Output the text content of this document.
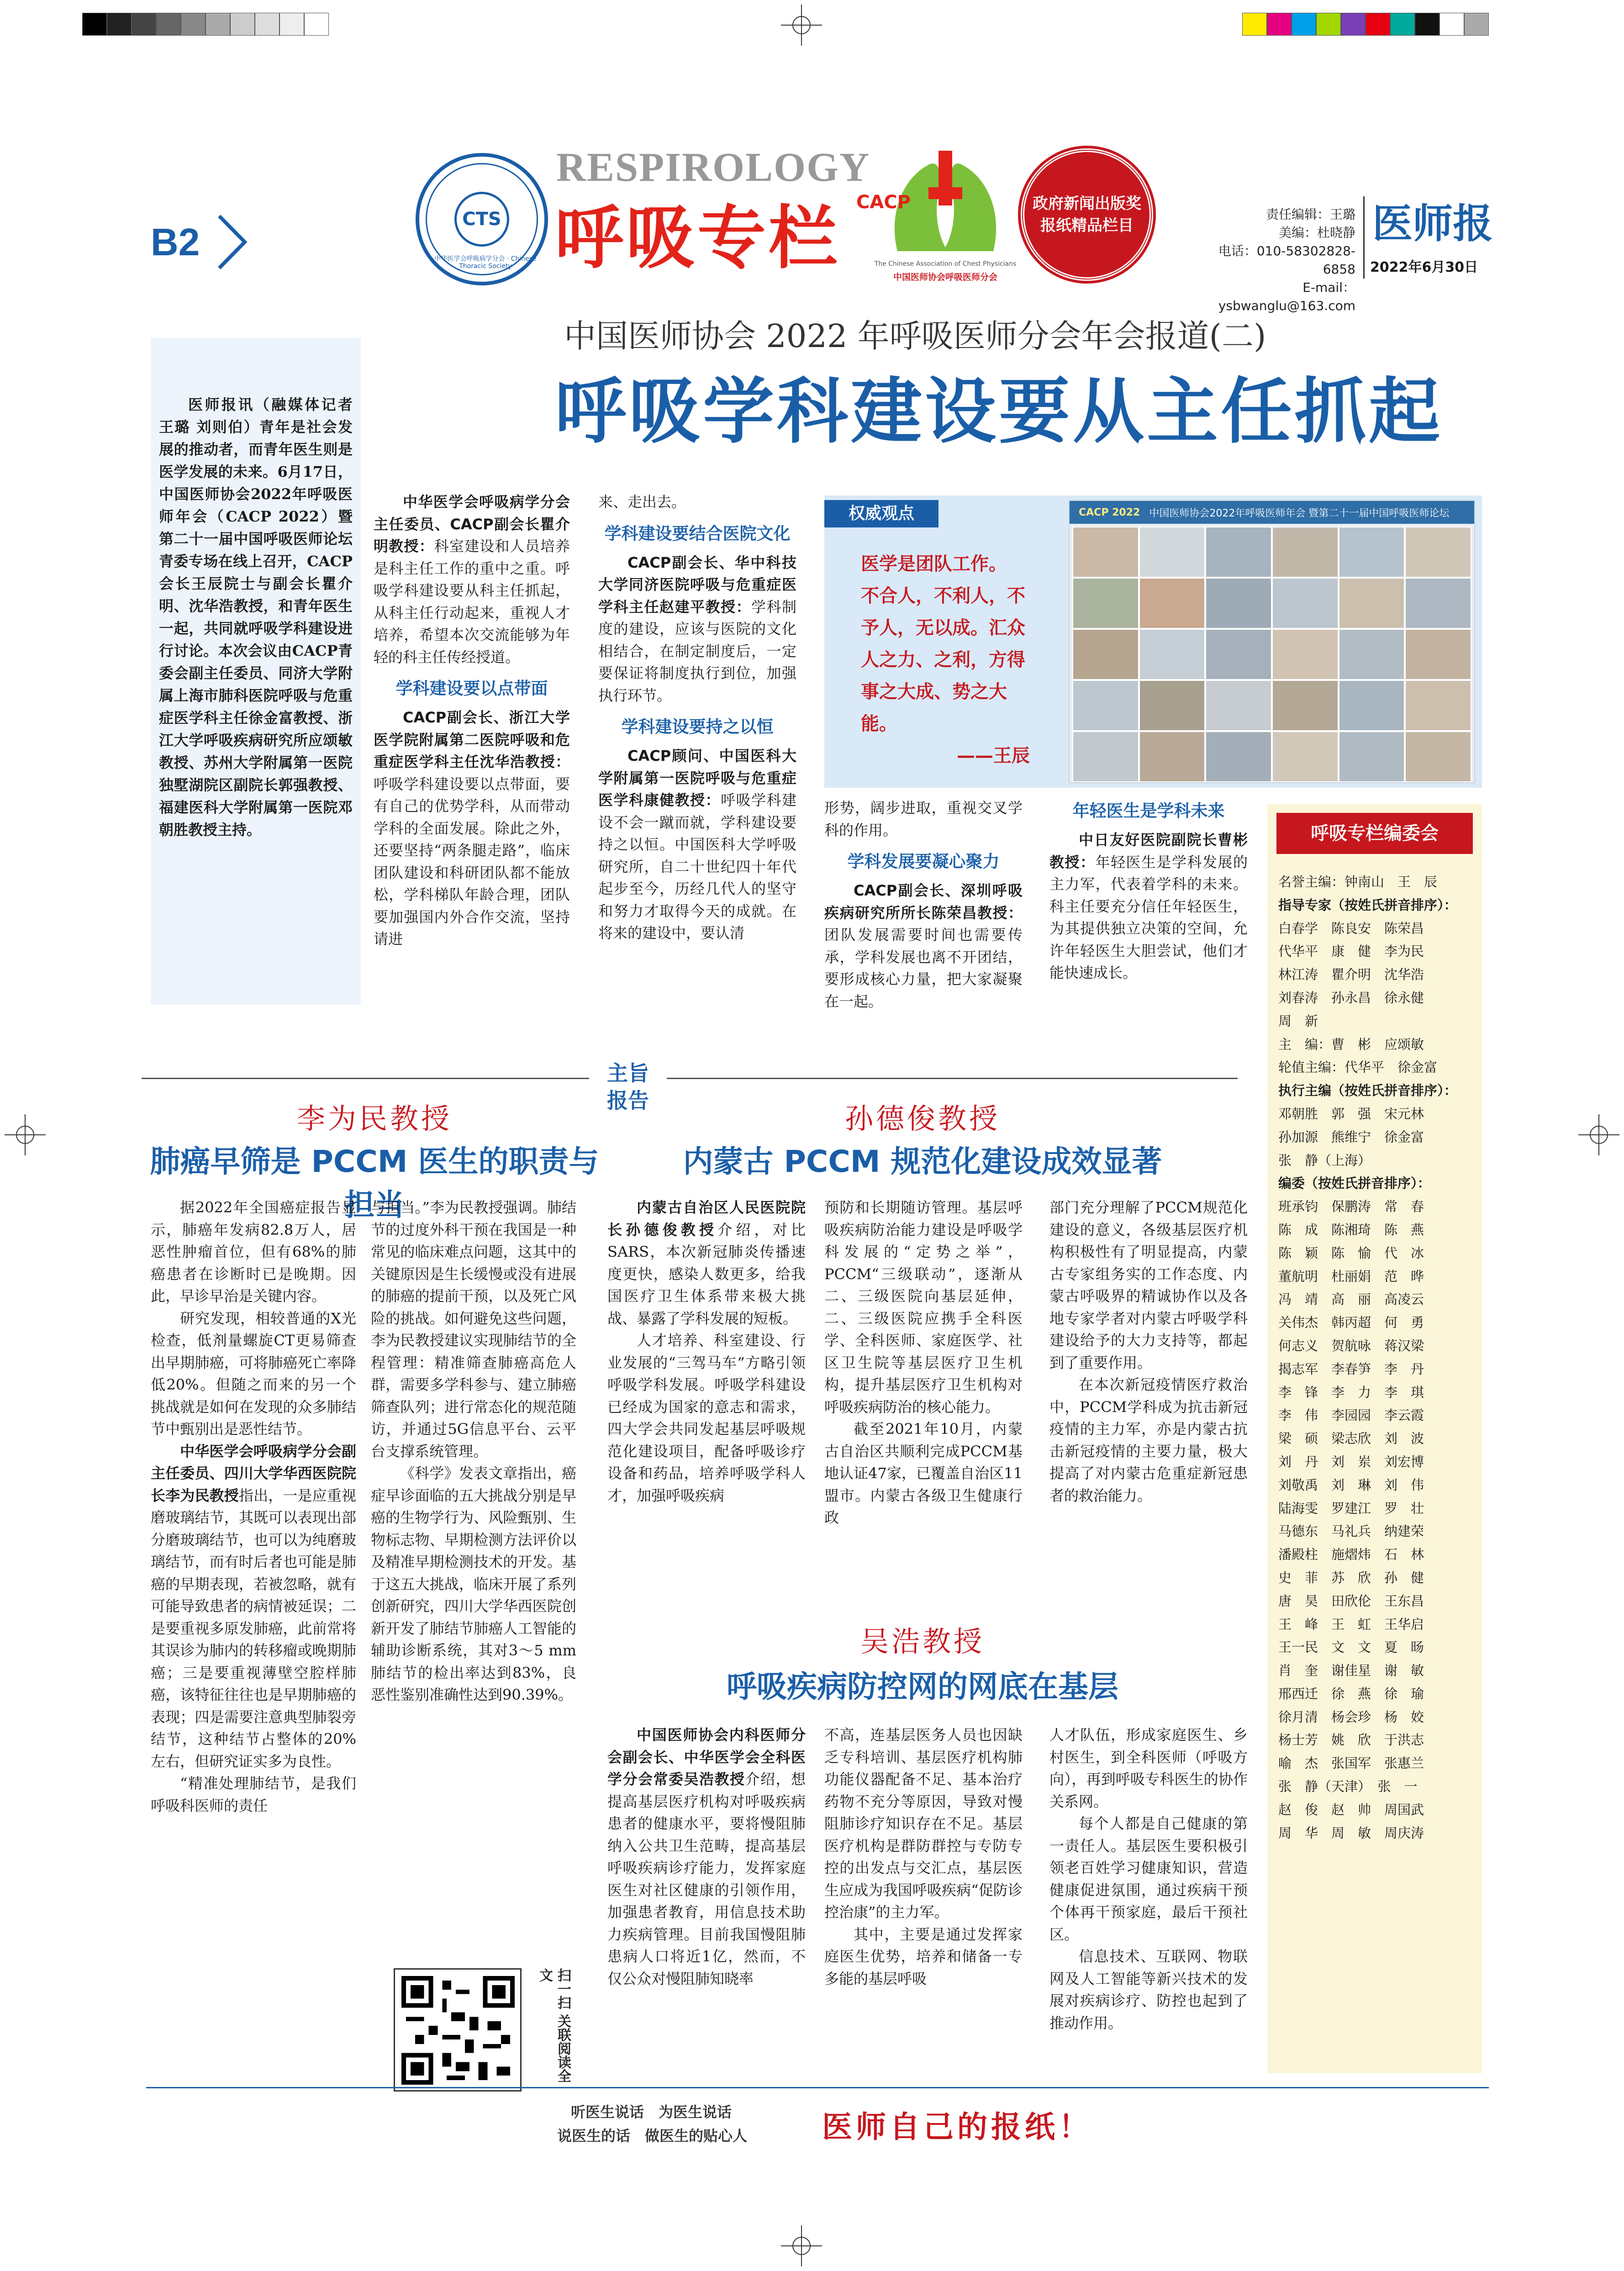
B2
CTS
中华医学会呼吸病学分会 · Chinese Thoracic Society
RESPIROLOGY
呼吸专栏 CACP
The Chinese Association of Chest Physicians
中国医师协会呼吸医师分会
政府新闻出版奖
报纸精品栏目
责任编辑：王璐
美编：杜晓静
电话：010-58302828-6858
E-mail：ysbwanglu@163.com
医师报
2022年6月30日
中国医师协会 2022 年呼吸医师分会年会报道(二)
呼吸学科建设要从主任抓起

医师报讯（融媒体记者 王璐 刘则伯）青年是社会发展的推动者，而青年医生则是医学发展的未来。6月17日，中国医师协会2022年呼吸医师年会（CACP 2022）暨第二十一届中国呼吸医师论坛青委专场在线上召开，CACP会长王辰院士与副会长瞿介明、沈华浩教授，和青年医生一起，共同就呼吸学科建设进行讨论。本次会议由CACP青委会副主任委员、同济大学附属上海市肺科医院呼吸与危重症医学科主任徐金富教授、浙江大学呼吸疾病研究所应颂敏教授、苏州大学附属第一医院独墅湖院区副院长郭强教授、福建医科大学附属第一医院邓朝胜教授主持。

中华医学会呼吸病学分会主任委员、CACP副会长瞿介明教授：科室建设和人员培养是科主任工作的重中之重。呼吸学科建设要从科主任抓起，从科主任行动起来，重视人才培养，希望本次交流能够为年轻的科主任传经授道。

学科建设要以点带面

CACP副会长、浙江大学医学院附属第二医院呼吸和危重症医学科主任沈华浩教授：呼吸学科建设要以点带面，要有自己的优势学科，从而带动学科的全面发展。除此之外，还要坚持“两条腿走路”，临床团队建设和科研团队都不能放松，学科梯队年龄合理，团队要加强国内外合作交流，坚持请进

来、走出去。

学科建设要结合医院文化

CACP副会长、华中科技大学同济医院呼吸与危重症医学科主任赵建平教授：学科制度的建设，应该与医院的文化相结合，在制定制度后，一定要保证将制度执行到位，加强执行环节。

学科建设要持之以恒

CACP顾问、中国医科大学附属第一医院呼吸与危重症医学科康健教授：呼吸学科建设不会一蹴而就，学科建设要持之以恒。中国医科大学呼吸研究所，自二十世纪四十年代起步至今，历经几代人的坚守和努力才取得今天的成就。在将来的建设中，要认清

权威观点
医学是团队工作。
不合人，不利人，不
予人，无以成。汇众
人之力、之利，方得
事之大成、势之大能。
——王辰
CACP 2022 中国医师协会2022年呼吸医师年会 暨第二十一届中国呼吸医师论坛

形势，阔步进取，重视交叉学科的作用。

学科发展要凝心聚力

CACP副会长、深圳呼吸疾病研究所所长陈荣昌教授：团队发展需要时间也需要传承，学科发展也离不开团结，要形成核心力量，把大家凝聚在一起。

年轻医生是学科未来

中日友好医院副院长曹彬教授：年轻医生是学科发展的主力军，代表着学科的未来。科主任要充分信任年轻医生，为其提供独立决策的空间，允许年轻医生大胆尝试，他们才能快速成长。

主旨报告
李为民教授
肺癌早筛是 PCCM 医生的职责与担当

据2022年全国癌症报告显示，肺癌年发病82.8万人，居恶性肿瘤首位，但有68%的肺癌患者在诊断时已是晚期。因此，早诊早治是关键内容。

研究发现，相较普通的X光检查，低剂量螺旋CT更易筛查出早期肺癌，可将肺癌死亡率降低20%。但随之而来的另一个挑战就是如何在发现的众多肺结节中甄别出是恶性结节。

中华医学会呼吸病学分会副主任委员、四川大学华西医院院长李为民教授指出，一是应重视磨玻璃结节，其既可以表现出部分磨玻璃结节，也可以为纯磨玻璃结节，而有时后者也可能是肺癌的早期表现，若被忽略，就有可能导致患者的病情被延误；二是要重视多原发肺癌，此前常将其误诊为肺内的转移瘤或晚期肺癌；三是要重视薄壁空腔样肺癌，该特征往往也是早期肺癌的表现；四是需要注意典型肺裂旁结节，这种结节占整体的20%左右，但研究证实多为良性。

“精准处理肺结节，是我们呼吸科医师的责任

与担当。”李为民教授强调。肺结节的过度外科干预在我国是一种常见的临床难点问题，这其中的关键原因是生长缓慢或没有进展的肺癌的提前干预，以及死亡风险的挑战。如何避免这些问题，李为民教授建议实现肺结节的全程管理：精准筛查肺癌高危人群，需要多学科参与、建立肺癌筛查队列；进行常态化的规范随访，并通过5G信息平台、云平台支撑系统管理。

《科学》发表文章指出，癌症早诊面临的五大挑战分别是早癌的生物学行为、风险甄别、生物标志物、早期检测方法评价以及精准早期检测技术的开发。基于这五大挑战，临床开展了系列创新研究，四川大学华西医院创新开发了肺结节肺癌人工智能的辅助诊断系统，其对3～5 mm肺结节的检出率达到83%，良恶性鉴别准确性达到90.39%。

扫一扫 关联阅读全文
孙德俊教授
内蒙古 PCCM 规范化建设成效显著

内蒙古自治区人民医院院长孙德俊教授介绍，对比SARS，本次新冠肺炎传播速度更快，感染人数更多，给我国医疗卫生体系带来极大挑战、暴露了学科发展的短板。

人才培养、科室建设、行业发展的“三驾马车”方略引领呼吸学科发展。呼吸学科建设已经成为国家的意志和需求，四大学会共同发起基层呼吸规范化建设项目，配备呼吸诊疗设备和药品，培养呼吸学科人才，加强呼吸疾病

预防和长期随访管理。基层呼吸疾病防治能力建设是呼吸学科发展的“定势之举”，PCCM“三级联动”，逐渐从二、三级医院向基层延伸，二、三级医院应携手全科医学、全科医师、家庭医学、社区卫生院等基层医疗卫生机构，提升基层医疗卫生机构对呼吸疾病防治的核心能力。

截至2021年10月，内蒙古自治区共顺利完成PCCM基地认证47家，已覆盖自治区11盟市。内蒙古各级卫生健康行政

部门充分理解了PCCM规范化建设的意义，各级基层医疗机构积极性有了明显提高，内蒙古专家组务实的工作态度、内蒙古呼吸界的精诚协作以及各地专家学者对内蒙古呼吸学科建设给予的大力支持等，都起到了重要作用。

在本次新冠疫情医疗救治中，PCCM学科成为抗击新冠疫情的主力军，亦是内蒙古抗击新冠疫情的主要力量，极大提高了对内蒙古危重症新冠患者的救治能力。

吴浩教授
呼吸疾病防控网的网底在基层

中国医师协会内科医师分会副会长、中华医学会全科医学分会常委吴浩教授介绍，想提高基层医疗机构对呼吸疾病患者的健康水平，要将慢阻肺纳入公共卫生范畴，提高基层呼吸疾病诊疗能力，发挥家庭医生对社区健康的引领作用，加强患者教育，用信息技术助力疾病管理。目前我国慢阻肺患病人口将近1亿，然而，不仅公众对慢阻肺知晓率

不高，连基层医务人员也因缺乏专科培训、基层医疗机构肺功能仪器配备不足、基本治疗药物不充分等原因，导致对慢阻肺诊疗知识存在不足。基层医疗机构是群防群控与专防专控的出发点与交汇点，基层医生应成为我国呼吸疾病“促防诊控治康”的主力军。

其中，主要是通过发挥家庭医生优势，培养和储备一专多能的基层呼吸

人才队伍，形成家庭医生、乡村医生，到全科医师（呼吸方向），再到呼吸专科医生的协作关系网。

每个人都是自己健康的第一责任人。基层医生要积极引领老百姓学习健康知识，营造健康促进氛围，通过疾病干预个体再干预家庭，最后干预社区。

信息技术、互联网、物联网及人工智能等新兴技术的发展对疾病诊疗、防控也起到了推动作用。

呼吸专栏编委会
名誉主编：钟南山　王　辰
指导专家（按姓氏拼音排序）：
白春学　陈良安　陈荣昌
代华平　康　健　李为民
林江涛　瞿介明　沈华浩
刘春涛　孙永昌　徐永健
周　新
主　编：曹　彬　应颂敏
轮值主编：代华平　徐金富
执行主编（按姓氏拼音排序）：
邓朝胜　郭　强　宋元林
孙加源　熊维宁　徐金富
张　静（上海）
编委（按姓氏拼音排序）：
班承钧　保鹏涛　常　春
陈　成　陈湘琦　陈　燕
陈　颖　陈　愉　代　冰
董航明　杜丽娟　范　晔
冯　靖　高　丽　高凌云
关伟杰　韩丙超　何　勇
何志义　贺航咏　蒋汉梁
揭志军　李春笋　李　丹
李　锋　李　力　李　琪
李　伟　李园园　李云霞
梁　硕　梁志欣　刘　波
刘　丹　刘　岽　刘宏博
刘敬禹　刘　琳　刘　伟
陆海雯　罗建江　罗　壮
马德东　马礼兵　纳建荣
潘殿柱　施熠炜　石　林
史　菲　苏　欣　孙　健
唐　昊　田欣伦　王东昌
王　峰　王　虹　王华启
王一民　文　文　夏　旸
肖　奎　谢佳星　谢　敏
邢西迁　徐　燕　徐　瑜
徐月清　杨会珍　杨　姣
杨士芳　姚　欣　于洪志
喻　杰　张国军　张惠兰
张　静（天津）　张　一
赵　俊　赵　帅　周国武
周　华　周　敏　周庆涛
听医生说话　为医生说话
说医生的话　做医生的贴心人 医师自己的报纸！
